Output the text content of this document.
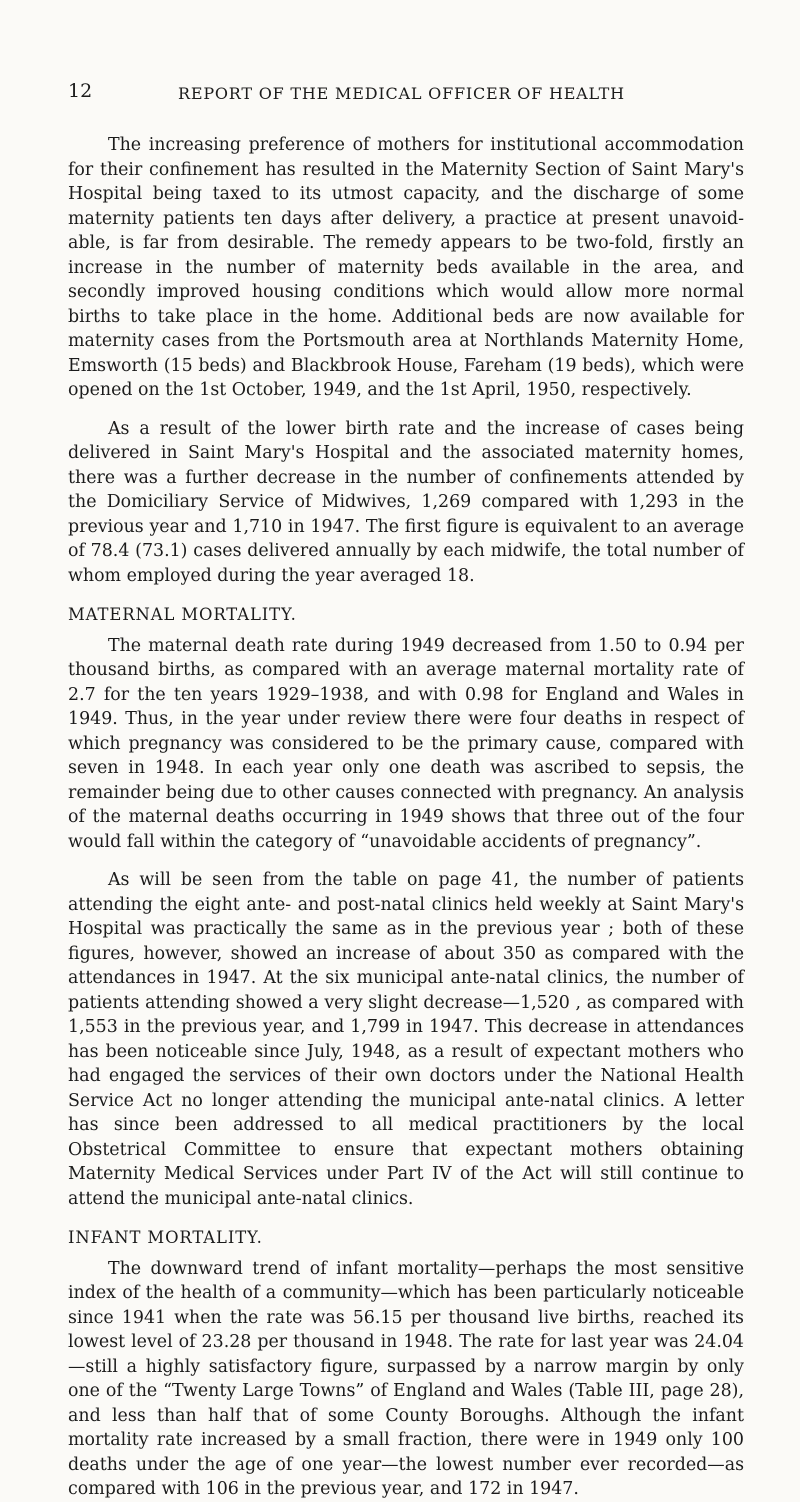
12	REPORT OF THE MEDICAL OFFICER OF HEALTH

The increasing preference of mothers for institutional accommodation for their confinement has resulted in the Maternity Section of Saint Mary's Hospital being taxed to its utmost capacity, and the discharge of some maternity patients ten days after delivery, a practice at present unavoid-able, is far from desirable. The remedy appears to be two-fold, firstly an increase in the number of maternity beds available in the area, and secondly improved housing conditions which would allow more normal births to take place in the home. Additional beds are now available for maternity cases from the Portsmouth area at Northlands Maternity Home, Emsworth (15 beds) and Blackbrook House, Fareham (19 beds), which were opened on the 1st October, 1949, and the 1st April, 1950, respectively.

As a result of the lower birth rate and the increase of cases being delivered in Saint Mary's Hospital and the associated maternity homes, there was a further decrease in the number of confinements attended by the Domiciliary Service of Midwives, 1,269 compared with 1,293 in the previous year and 1,710 in 1947. The first figure is equivalent to an average of 78.4 (73.1) cases delivered annually by each midwife, the total number of whom employed during the year averaged 18.

MATERNAL MORTALITY.

The maternal death rate during 1949 decreased from 1.50 to 0.94 per thousand births, as compared with an average maternal mortality rate of 2.7 for the ten years 1929–1938, and with 0.98 for England and Wales in 1949. Thus, in the year under review there were four deaths in respect of which pregnancy was considered to be the primary cause, compared with seven in 1948. In each year only one death was ascribed to sepsis, the remainder being due to other causes connected with pregnancy. An analysis of the maternal deaths occurring in 1949 shows that three out of the four would fall within the category of “unavoidable accidents of pregnancy”.

As will be seen from the table on page 41, the number of patients attending the eight ante- and post-natal clinics held weekly at Saint Mary's Hospital was practically the same as in the previous year ; both of these figures, however, showed an increase of about 350 as compared with the attendances in 1947. At the six municipal ante-natal clinics, the number of patients attending showed a very slight decrease—1,520 , as compared with 1,553 in the previous year, and 1,799 in 1947. This decrease in attendances has been noticeable since July, 1948, as a result of expectant mothers who had engaged the services of their own doctors under the National Health Service Act no longer attending the municipal ante-natal clinics. A letter has since been addressed to all medical practitioners by the local Obstetrical Committee to ensure that expectant mothers obtaining Maternity Medical Services under Part IV of the Act will still continue to attend the municipal ante-natal clinics.

INFANT MORTALITY.

The downward trend of infant mortality—perhaps the most sensitive index of the health of a community—which has been particularly noticeable since 1941 when the rate was 56.15 per thousand live births, reached its lowest level of 23.28 per thousand in 1948. The rate for last year was 24.04 —still a highly satisfactory figure, surpassed by a narrow margin by only one of the “Twenty Large Towns” of England and Wales (Table III, page 28), and less than half that of some County Boroughs. Although the infant mortality rate increased by a small fraction, there were in 1949 only 100 deaths under the age of one year—the lowest number ever recorded—as compared with 106 in the previous year, and 172 in 1947.
